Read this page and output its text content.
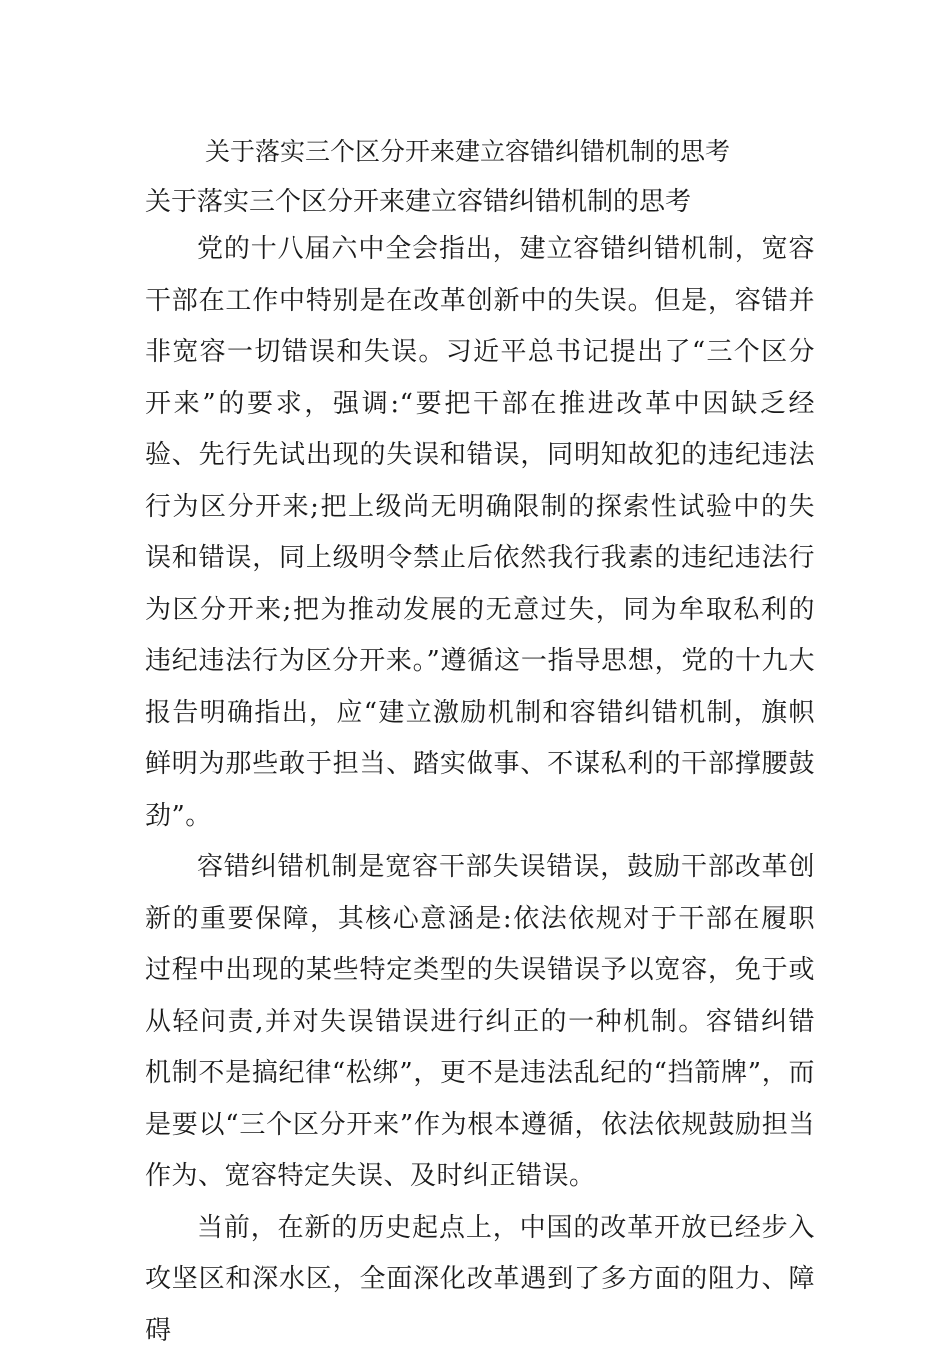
关于落实三个区分开来建立容错纠错机制的思考

关于落实三个区分开来建立容错纠错机制的思考

党的十八届六中全会指出，建立容错纠错机制，宽容干部在工作中特别是在改革创新中的失误。但是，容错并非宽容一切错误和失误。习近平总书记提出了“三个区分开来”的要求，强调:“要把干部在推进改革中因缺乏经验、先行先试出现的失误和错误，同明知故犯的违纪违法行为区分开来;把上级尚无明确限制的探索性试验中的失误和错误，同上级明令禁止后依然我行我素的违纪违法行为区分开来;把为推动发展的无意过失，同为牟取私利的违纪违法行为区分开来。”遵循这一指导思想，党的十九大报告明确指出，应“建立激励机制和容错纠错机制，旗帜鲜明为那些敢于担当、踏实做事、不谋私利的干部撑腰鼓劲”。

容错纠错机制是宽容干部失误错误，鼓励干部改革创新的重要保障，其核心意涵是:依法依规对于干部在履职过程中出现的某些特定类型的失误错误予以宽容，免于或从轻问责,并对失误错误进行纠正的一种机制。容错纠错机制不是搞纪律“松绑”，更不是违法乱纪的“挡箭牌”，而是要以“三个区分开来”作为根本遵循，依法依规鼓励担当作为、宽容特定失误、及时纠正错误。

当前，在新的历史起点上，中国的改革开放已经步入攻坚区和深水区，全面深化改革遇到了多方面的阻力、障碍
